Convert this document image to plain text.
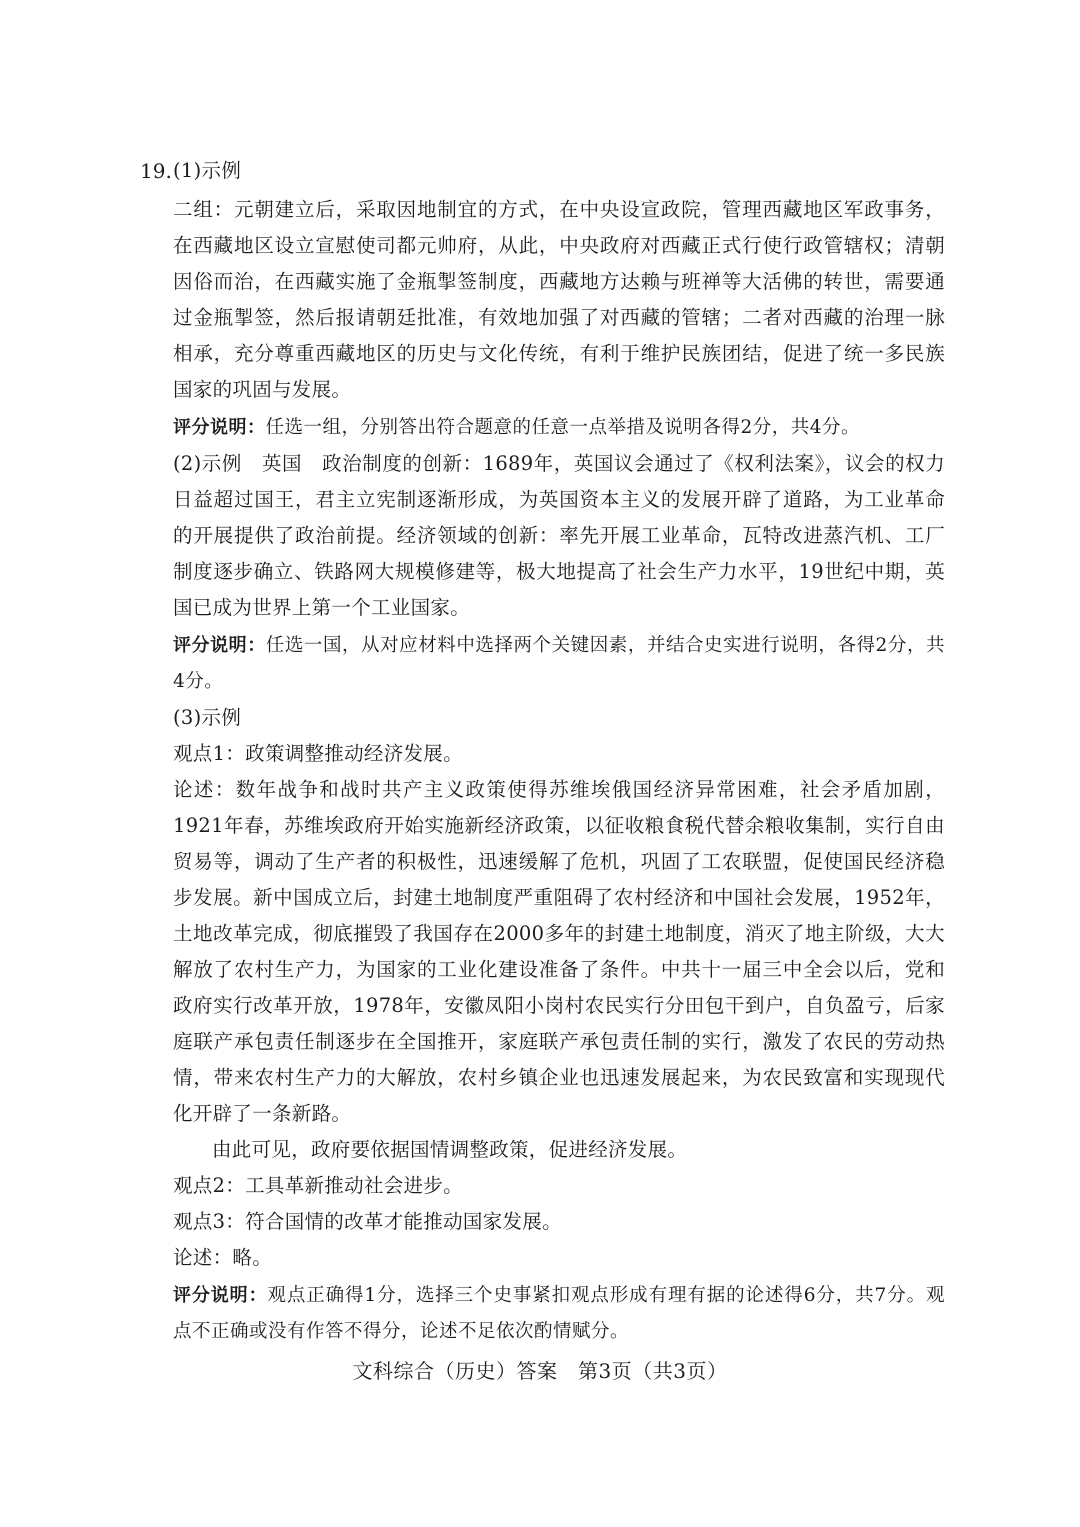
19. (1)示例

二组：元朝建立后，采取因地制宜的方式，在中央设宣政院，管理西藏地区军政事务，在西藏地区设立宣慰使司都元帅府，从此，中央政府对西藏正式行使行政管辖权；清朝因俗而治，在西藏实施了金瓶掣签制度，西藏地方达赖与班禅等大活佛的转世，需要通过金瓶掣签，然后报请朝廷批准，有效地加强了对西藏的管辖；二者对西藏的治理一脉相承，充分尊重西藏地区的历史与文化传统，有利于维护民族团结，促进了统一多民族国家的巩固与发展。

评分说明：任选一组，分别答出符合题意的任意一点举措及说明各得2分，共4分。

(2)示例　英国　政治制度的创新：1689年，英国议会通过了《权利法案》，议会的权力日益超过国王，君主立宪制逐渐形成，为英国资本主义的发展开辟了道路，为工业革命的开展提供了政治前提。经济领域的创新：率先开展工业革命，瓦特改进蒸汽机、工厂制度逐步确立、铁路网大规模修建等，极大地提高了社会生产力水平，19世纪中期，英国已成为世界上第一个工业国家。

评分说明：任选一国，从对应材料中选择两个关键因素，并结合史实进行说明，各得2分，共4分。

(3)示例

观点1：政策调整推动经济发展。

论述：数年战争和战时共产主义政策使得苏维埃俄国经济异常困难，社会矛盾加剧，1921年春，苏维埃政府开始实施新经济政策，以征收粮食税代替余粮收集制，实行自由贸易等，调动了生产者的积极性，迅速缓解了危机，巩固了工农联盟，促使国民经济稳步发展。新中国成立后，封建土地制度严重阻碍了农村经济和中国社会发展，1952年，土地改革完成，彻底摧毁了我国存在2000多年的封建土地制度，消灭了地主阶级，大大解放了农村生产力，为国家的工业化建设准备了条件。中共十一届三中全会以后，党和政府实行改革开放，1978年，安徽凤阳小岗村农民实行分田包干到户，自负盈亏，后家庭联产承包责任制逐步在全国推开，家庭联产承包责任制的实行，激发了农民的劳动热情，带来农村生产力的大解放，农村乡镇企业也迅速发展起来，为农民致富和实现现代化开辟了一条新路。

由此可见，政府要依据国情调整政策，促进经济发展。

观点2：工具革新推动社会进步。

观点3：符合国情的改革才能推动国家发展。

论述：略。

评分说明：观点正确得1分，选择三个史事紧扣观点形成有理有据的论述得6分，共7分。观点不正确或没有作答不得分，论述不足依次酌情赋分。

文科综合（历史）答案　第3页（共3页）
